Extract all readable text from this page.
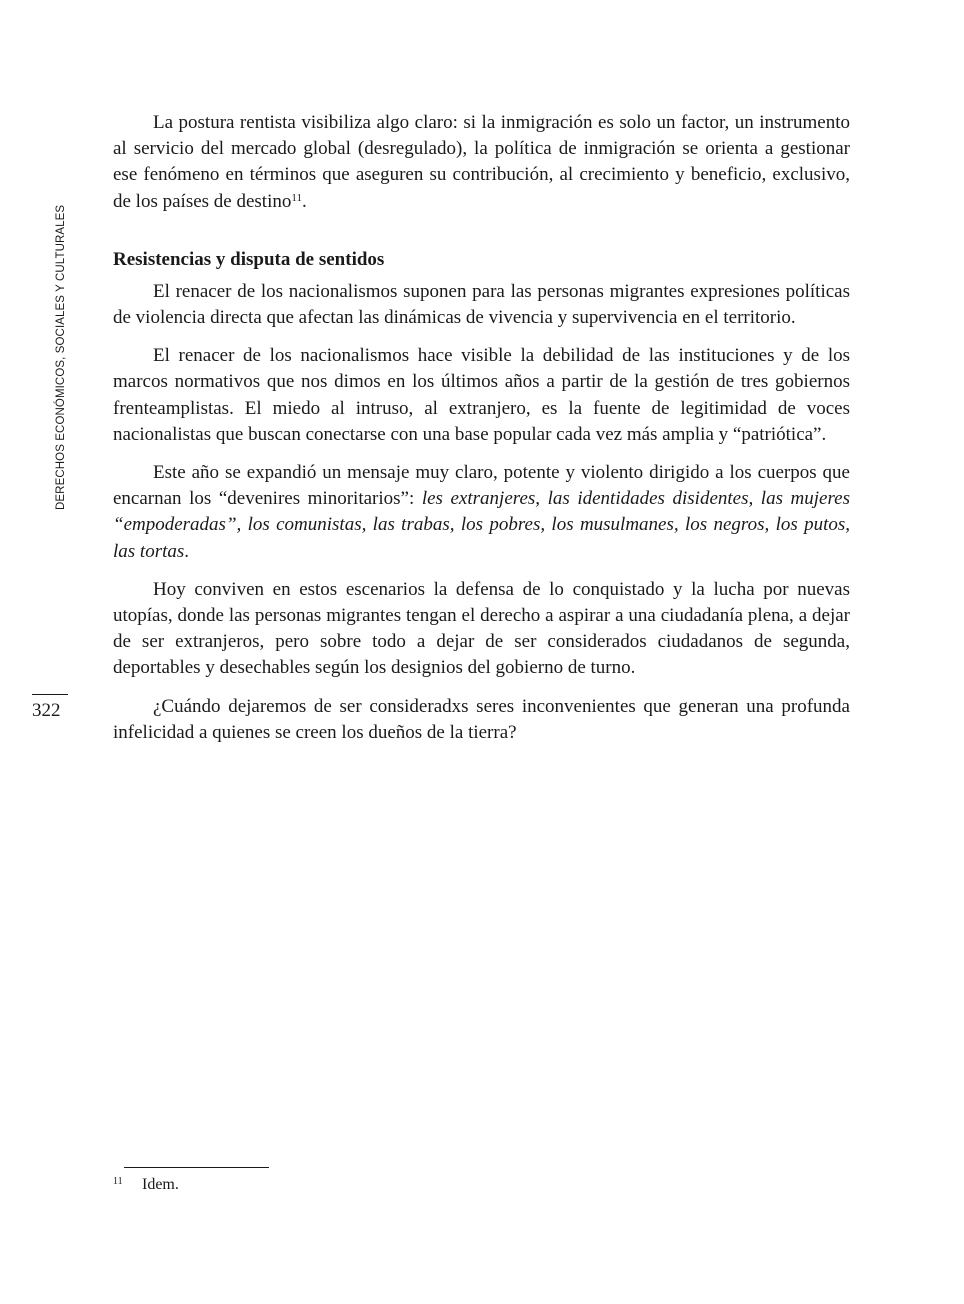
DERECHOS ECONÓMICOS, SOCIALES Y CULTURALES
322

La postura rentista visibiliza algo claro: si la inmigración es solo un factor, un instrumento al servicio del mercado global (desregulado), la política de inmigración se orienta a gestionar ese fenómeno en términos que aseguren su contribución, al crecimiento y beneficio, exclusivo, de los países de destino$^{11}$.

Resistencias y disputa de sentidos

El renacer de los nacionalismos suponen para las personas migrantes expresiones políticas de violencia directa que afectan las dinámicas de vivencia y supervivencia en el territorio.

El renacer de los nacionalismos hace visible la debilidad de las instituciones y de los marcos normativos que nos dimos en los últimos años a partir de la gestión de tres gobiernos frenteamplistas. El miedo al intruso, al extranjero, es la fuente de legitimidad de voces nacionalistas que buscan conectarse con una base popular cada vez más amplia y “patriótica”.

Este año se expandió un mensaje muy claro, potente y violento dirigido a los cuerpos que encarnan los “devenires minoritarios”: les extranjeres, las identidades disidentes, las mujeres “empoderadas”, los comunistas, las trabas, los pobres, los musulmanes, los negros, los putos, las tortas.

Hoy conviven en estos escenarios la defensa de lo conquistado y la lucha por nuevas utopías, donde las personas migrantes tengan el derecho a aspirar a una ciudadanía plena, a dejar de ser extranjeros, pero sobre todo a dejar de ser considerados ciudadanos de segunda, deportables y desechables según los designios del gobierno de turno.

¿Cuándo dejaremos de ser consideradxs seres inconvenientes que generan una profunda infelicidad a quienes se creen los dueños de la tierra?

11 Idem.
